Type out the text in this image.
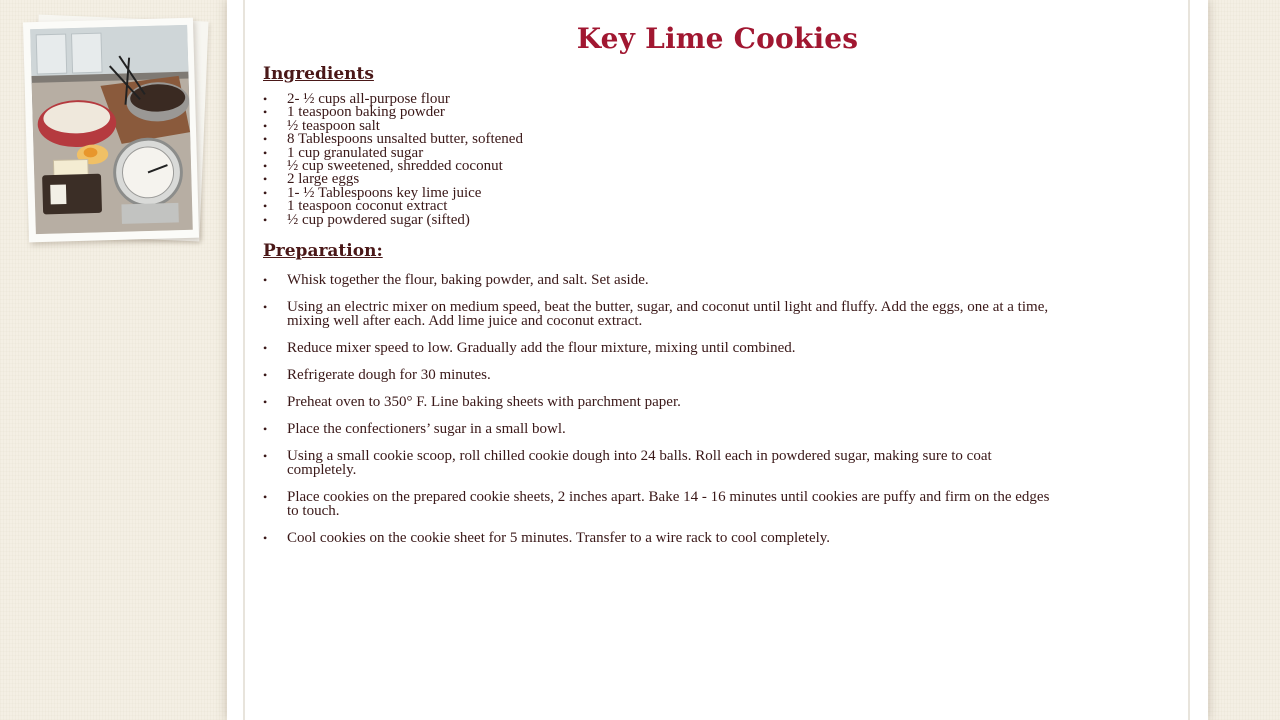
Key Lime Cookies
Ingredients
• 2- ½ cups all-purpose flour
• 1 teaspoon baking powder
• ½ teaspoon salt
• 8 Tablespoons unsalted butter, softened
• 1 cup granulated sugar
• ½ cup sweetened, shredded coconut
• 2 large eggs
• 1- ½ Tablespoons key lime juice
• 1 teaspoon coconut extract
• ½ cup powdered sugar (sifted)
Preparation:
• Whisk together the flour, baking powder, and salt. Set aside.
• Using an electric mixer on medium speed, beat the butter, sugar, and coconut until light and fluffy. Add the eggs, one at a time, mixing well after each. Add lime juice and coconut extract.
• Reduce mixer speed to low. Gradually add the flour mixture, mixing until combined.
• Refrigerate dough for 30 minutes.
• Preheat oven to 350° F. Line baking sheets with parchment paper.
• Place the confectioners’ sugar in a small bowl.
• Using a small cookie scoop, roll chilled cookie dough into 24 balls. Roll each in powdered sugar, making sure to coat completely.
• Place cookies on the prepared cookie sheets, 2 inches apart. Bake 14 - 16 minutes until cookies are puffy and firm on the edges to touch.
• Cool cookies on the cookie sheet for 5 minutes. Transfer to a wire rack to cool completely.
